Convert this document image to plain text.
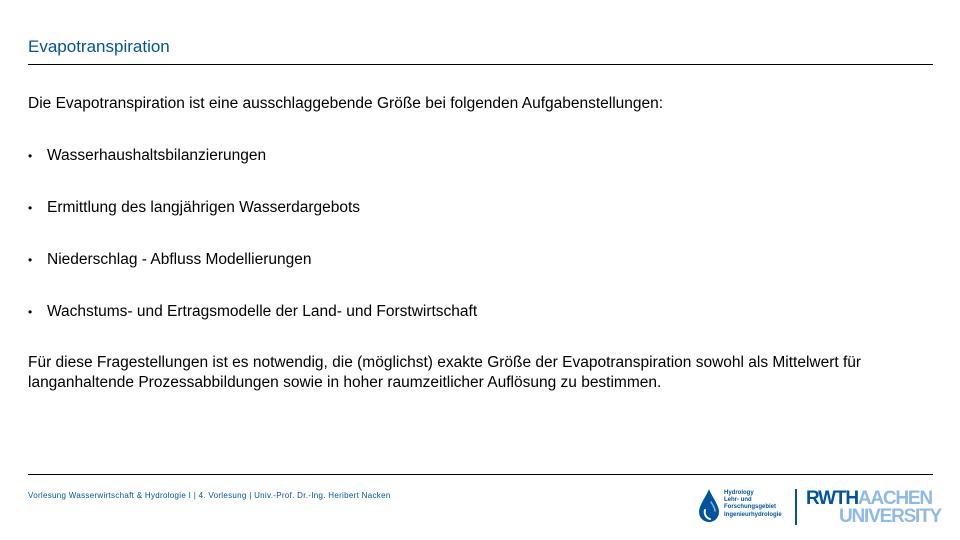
Evapotranspiration
Die Evapotranspiration ist eine ausschlaggebende Größe bei folgenden Aufgabenstellungen:
• Wasserhaushaltsbilanzierungen
• Ermittlung des langjährigen Wasserdargebots
• Niederschlag - Abfluss Modellierungen
• Wachstums- und Ertragsmodelle der Land- und Forstwirtschaft
Für diese Fragestellungen ist es notwendig, die (möglichst) exakte Größe der Evapotranspiration sowohl als Mittelwert für langanhaltende Prozessabbildungen sowie in hoher raumzeitlicher Auflösung zu bestimmen.
Vorlesung Wasserwirtschaft & Hydrologie I | 4. Vorlesung | Univ.-Prof. Dr.-Ing. Heribert Nacken	Hydrology
Lehr- und
Forschungsgebiet
Ingenieurhydrologie
RWTHAACHEN
UNIVERSITY
